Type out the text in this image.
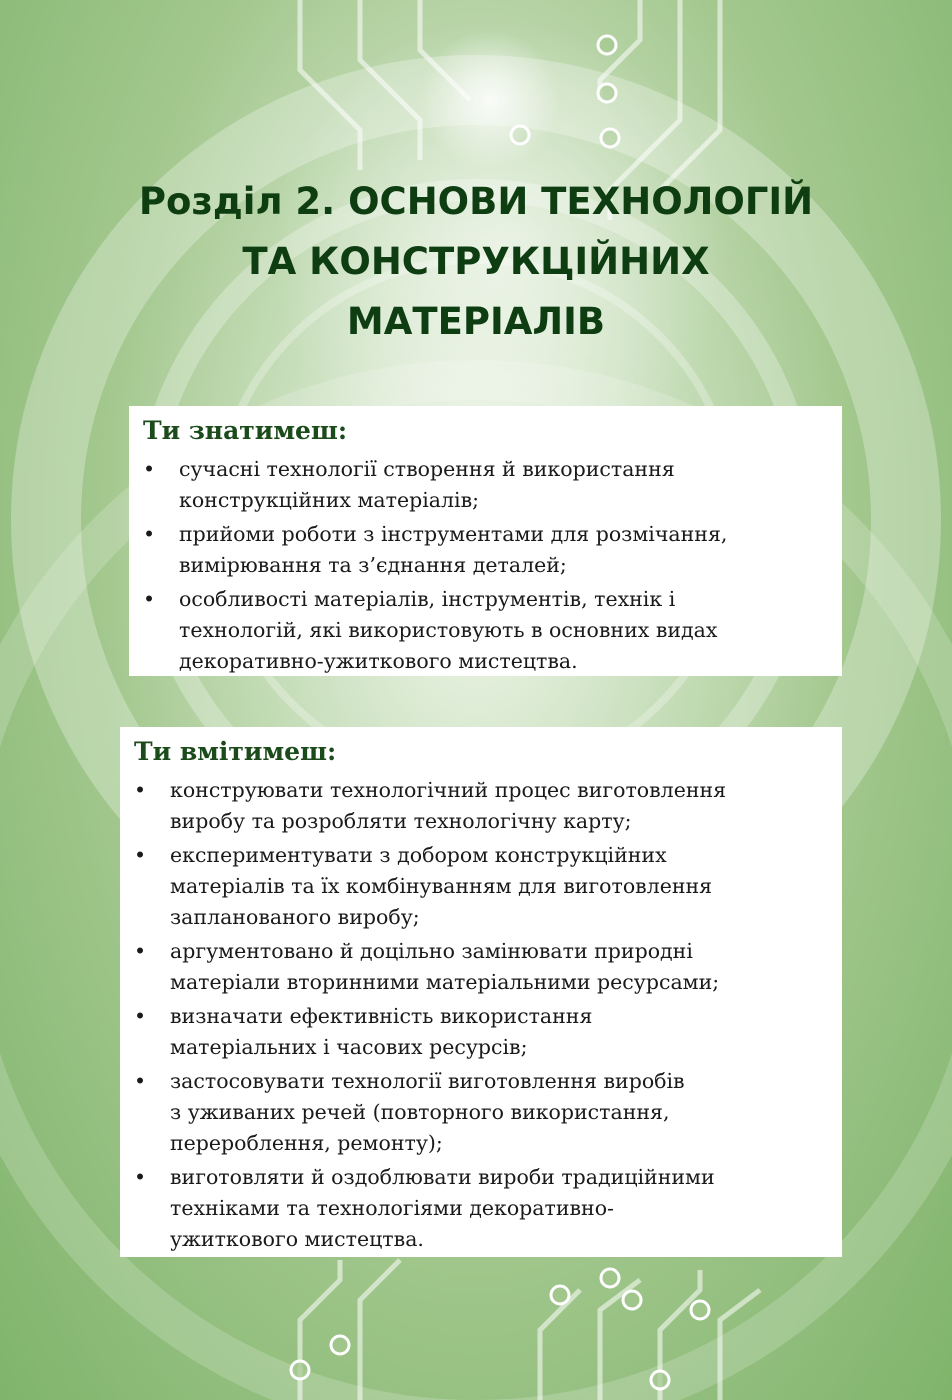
Розділ 2. ОСНОВИ ТЕХНОЛОГІЙ
ТА КОНСТРУКЦІЙНИХ
МАТЕРІАЛІВ
Ти знатимеш:
•	сучасні технології створення й використання
конструкційних матеріалів;
•	прийоми роботи з інструментами для розмічання,
вимірювання та з’єднання деталей;
•	особливості матеріалів, інструментів, технік і
технологій, які використовують в основних видах
декоративно-ужиткового мистецтва.
Ти вмітимеш:
•	конструювати технологічний процес виготовлення
виробу та розробляти технологічну карту;
•	експериментувати з добором конструкційних
матеріалів та їх комбінуванням для виготовлення
запланованого виробу;
•	аргументовано й доцільно замінювати природні
матеріали вторинними матеріальними ресурсами;
•	визначати ефективність використання
матеріальних і часових ресурсів;
•	застосовувати технології виготовлення виробів
з уживаних речей (повторного використання,
перероблення, ремонту);
•	виготовляти й оздоблювати вироби традиційними
техніками та технологіями декоративно-
ужиткового мистецтва.
